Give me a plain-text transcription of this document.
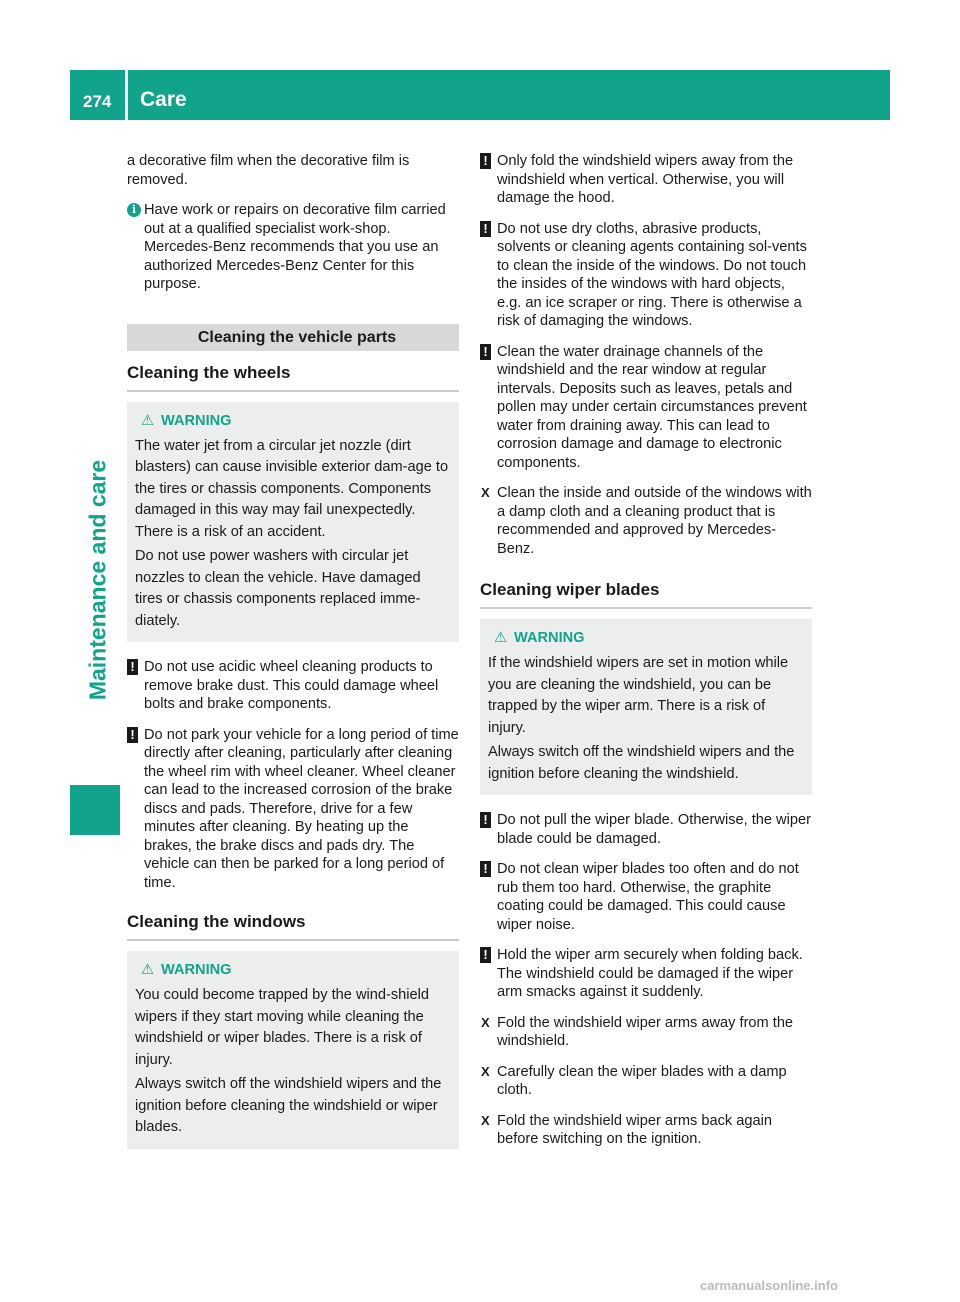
274	Care
Maintenance and care

a decorative film when the decorative film is removed.

i Have work or repairs on decorative film carried out at a qualified specialist work-shop. Mercedes-Benz recommends that you use an authorized Mercedes-Benz Center for this purpose.
Cleaning the vehicle parts
Cleaning the wheels
⚠ WARNING

The water jet from a circular jet nozzle (dirt blasters) can cause invisible exterior dam-age to the tires or chassis components. Components damaged in this way may fail unexpectedly. There is a risk of an accident.

Do not use power washers with circular jet nozzles to clean the vehicle. Have damaged tires or chassis components replaced imme-diately.

! Do not use acidic wheel cleaning products to remove brake dust. This could damage wheel bolts and brake components.
! Do not park your vehicle for a long period of time directly after cleaning, particularly after cleaning the wheel rim with wheel cleaner. Wheel cleaner can lead to the increased corrosion of the brake discs and pads. Therefore, drive for a few minutes after cleaning. By heating up the brakes, the brake discs and pads dry. The vehicle can then be parked for a long period of time.
Cleaning the windows
⚠ WARNING

You could become trapped by the wind-shield wipers if they start moving while cleaning the windshield or wiper blades. There is a risk of injury.

Always switch off the windshield wipers and the ignition before cleaning the windshield or wiper blades.

! Only fold the windshield wipers away from the windshield when vertical. Otherwise, you will damage the hood.
! Do not use dry cloths, abrasive products, solvents or cleaning agents containing sol-vents to clean the inside of the windows. Do not touch the insides of the windows with hard objects, e.g. an ice scraper or ring. There is otherwise a risk of damaging the windows.
! Clean the water drainage channels of the windshield and the rear window at regular intervals. Deposits such as leaves, petals and pollen may under certain circumstances prevent water from draining away. This can lead to corrosion damage and damage to electronic components.
X Clean the inside and outside of the windows with a damp cloth and a cleaning product that is recommended and approved by Mercedes-Benz.
Cleaning wiper blades
⚠ WARNING

If the windshield wipers are set in motion while you are cleaning the windshield, you can be trapped by the wiper arm. There is a risk of injury.

Always switch off the windshield wipers and the ignition before cleaning the windshield.

! Do not pull the wiper blade. Otherwise, the wiper blade could be damaged.
! Do not clean wiper blades too often and do not rub them too hard. Otherwise, the graphite coating could be damaged. This could cause wiper noise.
! Hold the wiper arm securely when folding back. The windshield could be damaged if the wiper arm smacks against it suddenly.
X Fold the windshield wiper arms away from the windshield.
X Carefully clean the wiper blades with a damp cloth.
X Fold the windshield wiper arms back again before switching on the ignition.
carmanualsonline.info
